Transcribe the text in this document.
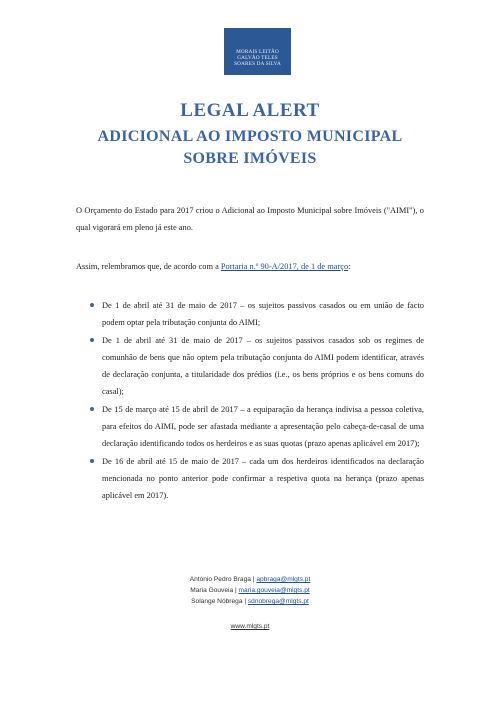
MORAIS LEITÃO
GALVÃO TELES
SOARES DA SILVA
LEGAL ALERT
ADICIONAL AO IMPOSTO MUNICIPAL
SOBRE IMÓVEIS

O Orçamento do Estado para 2017 criou o Adicional ao Imposto Municipal sobre Imóveis ("AIMI"), o qual vigorará em pleno já este ano.

Assim, relembramos que, de acordo com a Portaria n.º 90-A/2017, de 1 de março:

De 1 de abril até 31 de maio de 2017 – os sujeitos passivos casados ou em união de facto podem optar pela tributação conjunta do AIMI;
De 1 de abril até 31 de maio de 2017 – os sujeitos passivos casados sob os regimes de comunhão de bens que não optem pela tributação conjunta do AIMI podem identificar, através de declaração conjunta, a titularidade dos prédios (i.e., os bens próprios e os bens comuns do casal);
De 15 de março até 15 de abril de 2017 – a equiparação da herança indivisa a pessoa coletiva, para efeitos do AIMI, pode ser afastada mediante a apresentação pelo cabeça-de-casal de uma declaração identificando todos os herdeiros e as suas quotas (prazo apenas aplicável em 2017);
De 16 de abril até 15 de maio de 2017 – cada um dos herdeiros identificados na declaração mencionada no ponto anterior pode confirmar a respetiva quota na herança (prazo apenas aplicável em 2017).
António Pedro Braga | apbraga@mlgts.pt
Maria Gouveia | maria.gouveia@mlgts.pt
Solange Nóbrega | sdnobrega@mlgts.pt
www.mlgts.pt
